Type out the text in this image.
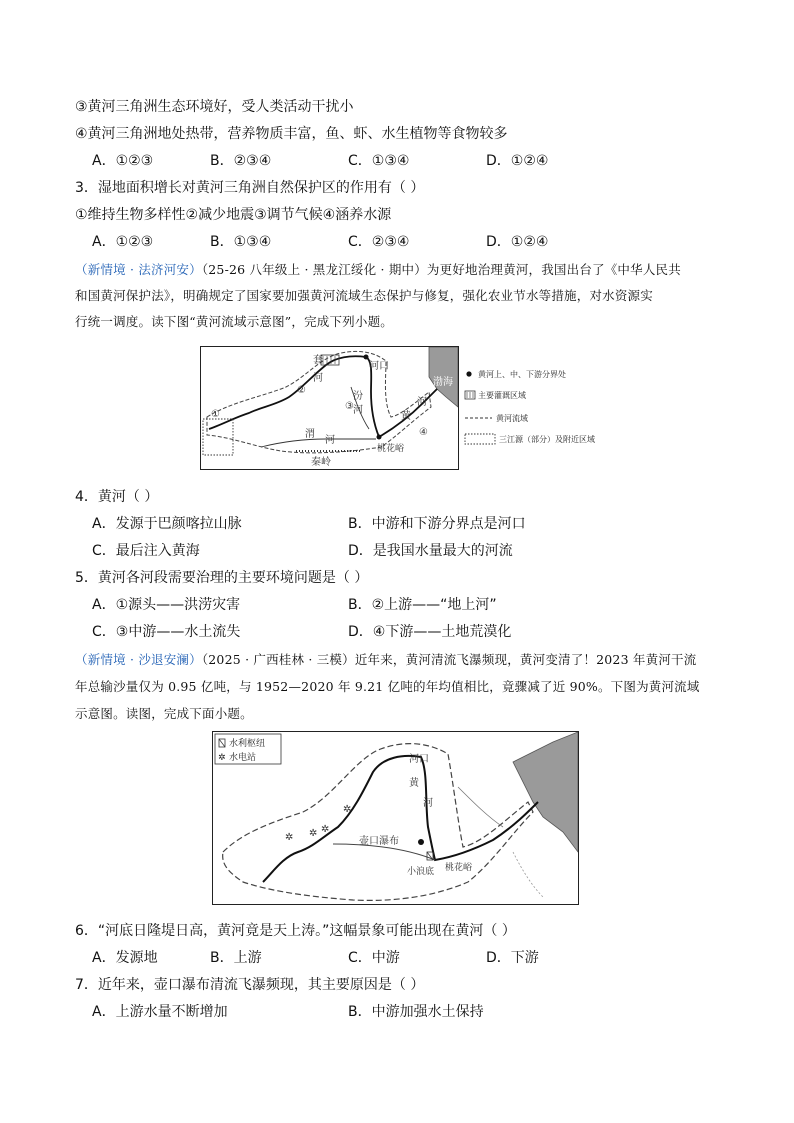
③黄河三角洲生态环境好，受人类活动干扰小
④黄河三角洲地处热带，营养物质丰富，鱼、虾、水生植物等食物较多
A．①②③	B．②③④	C．①③④	D．①②④
3．湿地面积增长对黄河三角洲自然保护区的作用有（ ）
①维持生物多样性②减少地震③调节气候④涵养水源
A．①②③	B．①③④	C．②③④	D．①②④
（新情境 · 法济河安）（25-26 八年级上 · 黑龙江绥化 · 期中）为更好地治理黄河，我国出台了《中华人民共
和国黄河保护法》，明确规定了国家要加强黄河流域生态保护与修复，强化农业节水等措施，对水资源实
行统一调度。读下图“黄河流域示意图”，完成下列小题。
套
河
河口
渤海
汾
河
黄
河
渭
河
秦岭
桃花峪
①
②
③
④
黄河上、中、下游分界处
主要灌溉区域
黄河流域
三江源（部分）及附近区域
4．黄河（ ）
A．发源于巴颜喀拉山脉	B．中游和下游分界点是河口
C．最后注入黄海	D．是我国水量最大的河流
5．黄河各河段需要治理的主要环境问题是（ ）
A．①源头——洪涝灾害	B．②上游——“地上河”
C．③中游——水土流失	D．④下游——土地荒漠化
（新情境 · 沙退安澜）（2025 · 广西桂林 · 三模）近年来，黄河清流飞瀑频现，黄河变清了！2023 年黄河干流
年总输沙量仅为 0.95 亿吨，与 1952—2020 年 9.21 亿吨的年均值相比，竟骤减了近 90%。下图为黄河流域
示意图。读图，完成下面小题。
水利枢纽
✲ 水电站
✲ ✲ ✲
✲
河口
黄
河
壶口瀑布
小浪底 桃花峪
6．“河底日隆堤日高，黄河竟是天上涛。”这幅景象可能出现在黄河（ ）
A．发源地	B．上游	C．中游	D．下游
7．近年来，壶口瀑布清流飞瀑频现，其主要原因是（ ）
A．上游水量不断增加	B．中游加强水土保持
